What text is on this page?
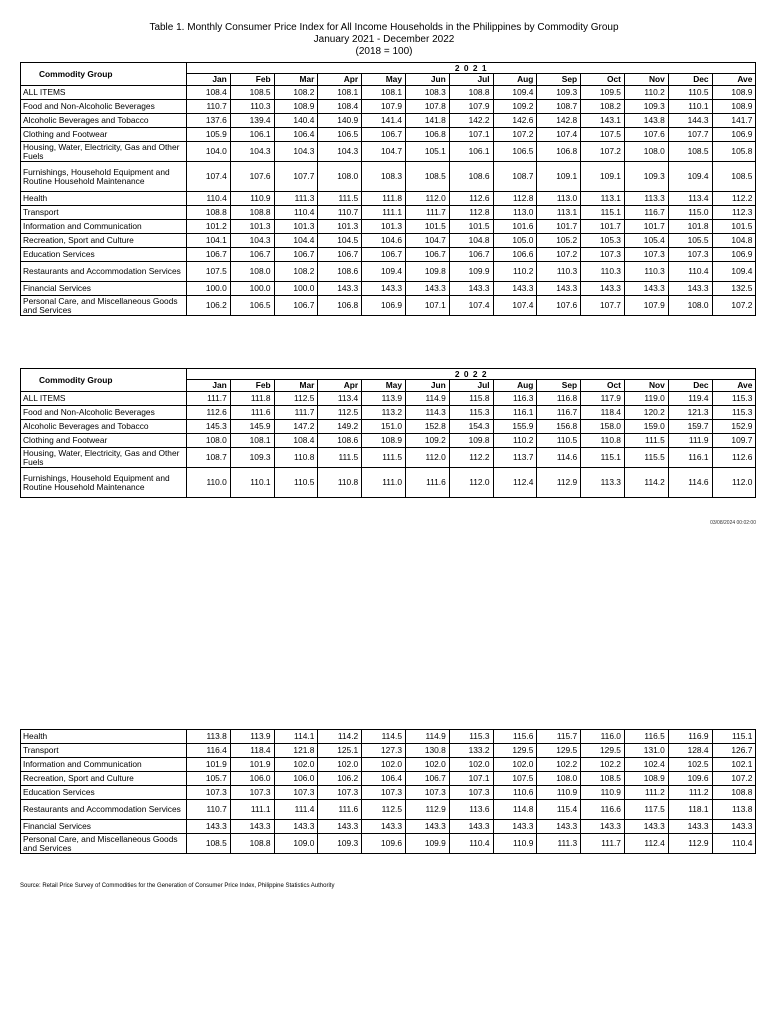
Table 1. Monthly Consumer Price Index for All Income Households in the Philippines by Commodity Group
January 2021 - December 2022
(2018 = 100)
Commodity Group	2 0 2 1												
	Jan	Feb	Mar	Apr	May	Jun	Jul	Aug	Sep	Oct	Nov	Dec	Ave
ALL ITEMS	108.4	108.5	108.2	108.1	108.1	108.3	108.8	109.4	109.3	109.5	110.2	110.5	108.9
Food and Non-Alcoholic Beverages	110.7	110.3	108.9	108.4	107.9	107.8	107.9	109.2	108.7	108.2	109.3	110.1	108.9
Alcoholic Beverages and Tobacco	137.6	139.4	140.4	140.9	141.4	141.8	142.2	142.6	142.8	143.1	143.8	144.3	141.7
Clothing and Footwear	105.9	106.1	106.4	106.5	106.7	106.8	107.1	107.2	107.4	107.5	107.6	107.7	106.9
Housing, Water, Electricity, Gas and Other Fuels	104.0	104.3	104.3	104.3	104.7	105.1	106.1	106.5	106.8	107.2	108.0	108.5	105.8
Furnishings, Household Equipment and Routine Household Maintenance	107.4	107.6	107.7	108.0	108.3	108.5	108.6	108.7	109.1	109.1	109.3	109.4	108.5
Health	110.4	110.9	111.3	111.5	111.8	112.0	112.6	112.8	113.0	113.1	113.3	113.4	112.2
Transport	108.8	108.8	110.4	110.7	111.1	111.7	112.8	113.0	113.1	115.1	116.7	115.0	112.3
Information and Communication	101.2	101.3	101.3	101.3	101.3	101.5	101.5	101.6	101.7	101.7	101.7	101.8	101.5
Recreation, Sport and Culture	104.1	104.3	104.4	104.5	104.6	104.7	104.8	105.0	105.2	105.3	105.4	105.5	104.8
Education Services	106.7	106.7	106.7	106.7	106.7	106.7	106.7	106.6	107.2	107.3	107.3	107.3	106.9
Restaurants and Accommodation Services	107.5	108.0	108.2	108.6	109.4	109.8	109.9	110.2	110.3	110.3	110.3	110.4	109.4
Financial Services	100.0	100.0	100.0	143.3	143.3	143.3	143.3	143.3	143.3	143.3	143.3	143.3	132.5
Personal Care, and Miscellaneous Goods and Services	106.2	106.5	106.7	106.8	106.9	107.1	107.4	107.4	107.6	107.7	107.9	108.0	107.2
Commodity Group	2 0 2 2												
	Jan	Feb	Mar	Apr	May	Jun	Jul	Aug	Sep	Oct	Nov	Dec	Ave
ALL ITEMS	111.7	111.8	112.5	113.4	113.9	114.9	115.8	116.3	116.8	117.9	119.0	119.4	115.3
Food and Non-Alcoholic Beverages	112.6	111.6	111.7	112.5	113.2	114.3	115.3	116.1	116.7	118.4	120.2	121.3	115.3
Alcoholic Beverages and Tobacco	145.3	145.9	147.2	149.2	151.0	152.8	154.3	155.9	156.8	158.0	159.0	159.7	152.9
Clothing and Footwear	108.0	108.1	108.4	108.6	108.9	109.2	109.8	110.2	110.5	110.8	111.5	111.9	109.7
Housing, Water, Electricity, Gas and Other Fuels	108.7	109.3	110.8	111.5	111.5	112.0	112.2	113.7	114.6	115.1	115.5	116.1	112.6
Furnishings, Household Equipment and Routine Household Maintenance	110.0	110.1	110.5	110.8	111.0	111.6	112.0	112.4	112.9	113.3	114.2	114.6	112.0
03/08/2024 00:02:00
Health	113.8	113.9	114.1	114.2	114.5	114.9	115.3	115.6	115.7	116.0	116.5	116.9	115.1
Transport	116.4	118.4	121.8	125.1	127.3	130.8	133.2	129.5	129.5	129.5	131.0	128.4	126.7
Information and Communication	101.9	101.9	102.0	102.0	102.0	102.0	102.0	102.0	102.2	102.2	102.4	102.5	102.1
Recreation, Sport and Culture	105.7	106.0	106.0	106.2	106.4	106.7	107.1	107.5	108.0	108.5	108.9	109.6	107.2
Education Services	107.3	107.3	107.3	107.3	107.3	107.3	107.3	110.6	110.9	110.9	111.2	111.2	108.8
Restaurants and Accommodation Services	110.7	111.1	111.4	111.6	112.5	112.9	113.6	114.8	115.4	116.6	117.5	118.1	113.8
Financial Services	143.3	143.3	143.3	143.3	143.3	143.3	143.3	143.3	143.3	143.3	143.3	143.3	143.3
Personal Care, and Miscellaneous Goods and Services	108.5	108.8	109.0	109.3	109.6	109.9	110.4	110.9	111.3	111.7	112.4	112.9	110.4
Source: Retail Price Survey of Commodities for the Generation of Consumer Price Index, Philippine Statistics Authority
